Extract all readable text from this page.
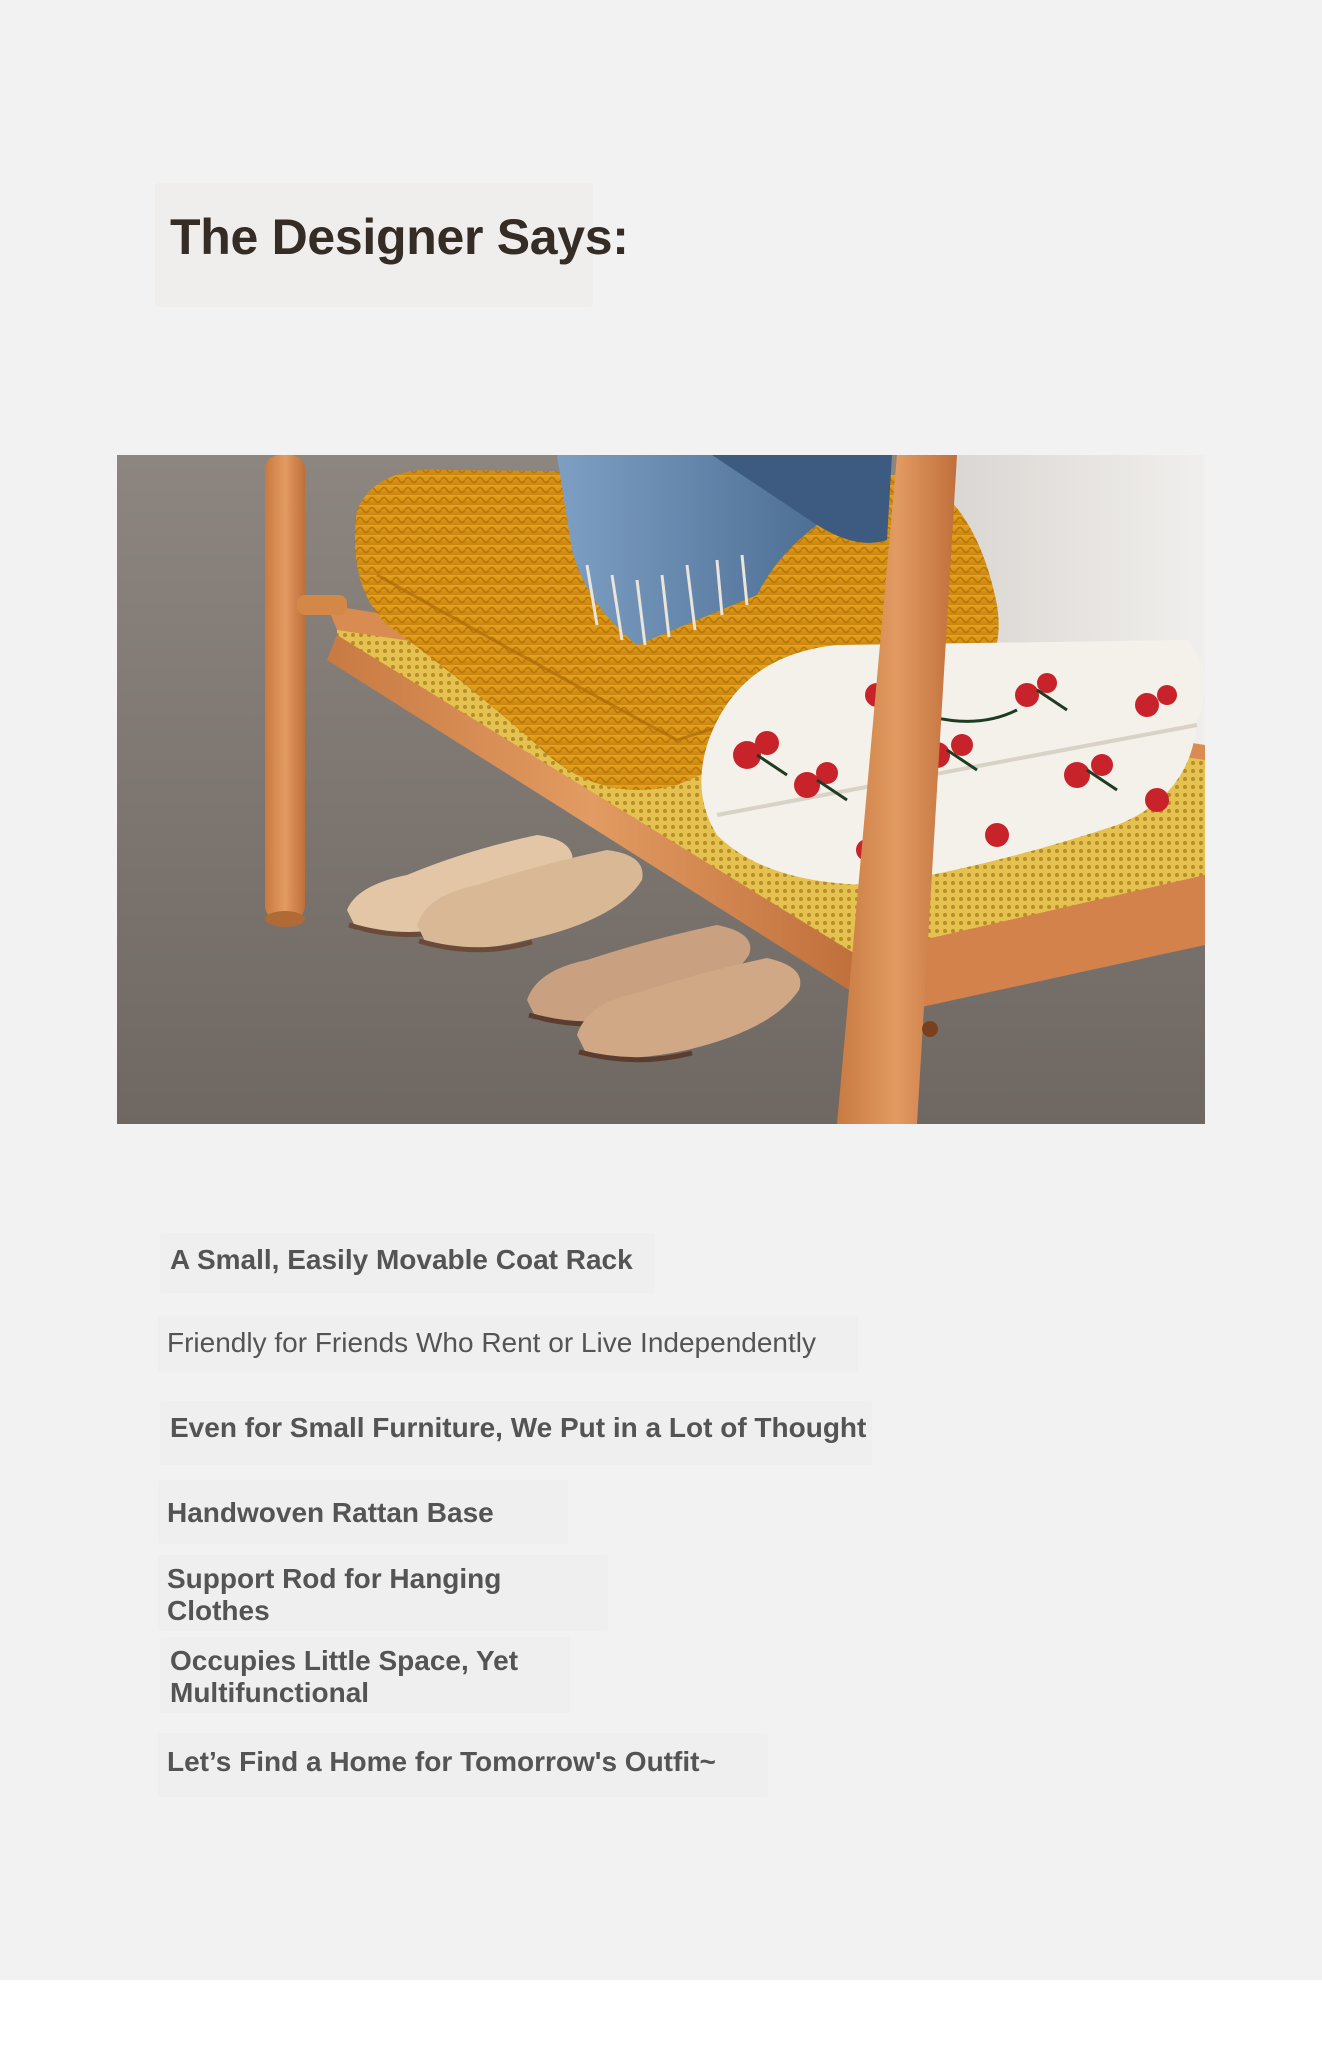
The Designer Says:

A Small, Easily Movable Coat Rack

Friendly for Friends Who Rent or Live Independently

Even for Small Furniture, We Put in a Lot of Thought

Handwoven Rattan Base

Support Rod for Hanging Clothes

Occupies Little Space, Yet Multifunctional

Let’s Find a Home for Tomorrow's Outfit~
